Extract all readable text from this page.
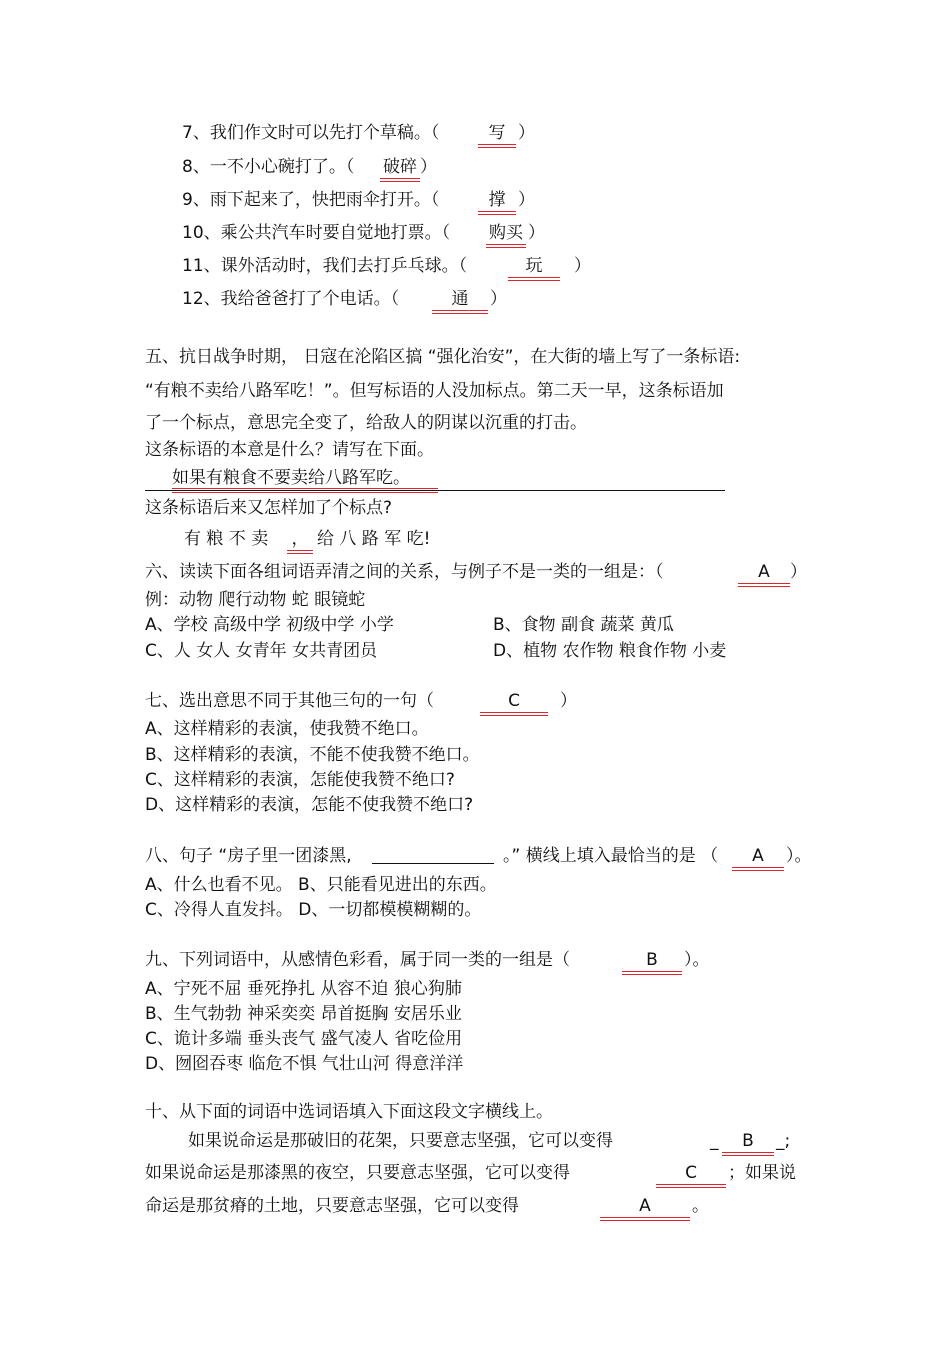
7、我们作文时可以先打个草稿。（	写 ）
8、一不小心碗打了。（ 破碎 ）
9、雨下起来了，快把雨伞打开。（	撑 ）
10、乘公共汽车时要自觉地打票。（ 购买 ）
11、课外活动时，我们去打乒乓球。（	玩	）
12、我给爸爸打了个电话。（	通	）
五、抗日战争时期， 日寇在沦陷区搞 “强化治安”，在大街的墙上写了一条标语:
“有粮不卖给八路军吃！”。但写标语的人没加标点。第二天一早，这条标语加
了一个标点，意思完全变了，给敌人的阴谋以沉重的打击。
这条标语的本意是什么？请写在下面。
如果有粮食不要卖给八路军吃。
这条标语后来又怎样加了个标点?
有 粮 不 卖 ， 给 八 路 军 吃!
六、读读下面各组词语弄清之间的关系，与例子不是一类的一组是：（	A	）
例：动物 爬行动物 蛇 眼镜蛇
A、学校 高级中学 初级中学 小学	B、食物 副食 蔬菜 黄瓜
C、人 女人 女青年 女共青团员	D、植物 农作物 粮食作物 小麦
七、选出意思不同于其他三句的一句（	C	）
A、这样精彩的表演，使我赞不绝口。
B、这样精彩的表演，不能不使我赞不绝口。
C、这样精彩的表演，怎能使我赞不绝口?
D、这样精彩的表演，怎能不使我赞不绝口?
八、句子 “房子里一团漆黑,	。” 横线上填入最恰当的是 （	A	）。
A、什么也看不见。 B、只能看见进出的东西。
C、冷得人直发抖。 D、一切都模模糊糊的。
九、下列词语中，从感情色彩看，属于同一类的一组是（	B	）。
A、宁死不屈 垂死挣扎 从容不迫 狼心狗肺
B、生气勃勃 神采奕奕 昂首挺胸 安居乐业
C、诡计多端 垂头丧气 盛气凌人 省吃俭用
D、囫囵吞枣 临危不惧 气壮山河 得意洋洋
十、从下面的词语中选词语填入下面这段文字横线上。
如果说命运是那破旧的花架，只要意志坚强，它可以变得	_	B	_;
如果说命运是那漆黑的夜空，只要意志坚强，它可以变得	C	；如果说
命运是那贫瘠的土地，只要意志坚强，它可以变得	A	。
